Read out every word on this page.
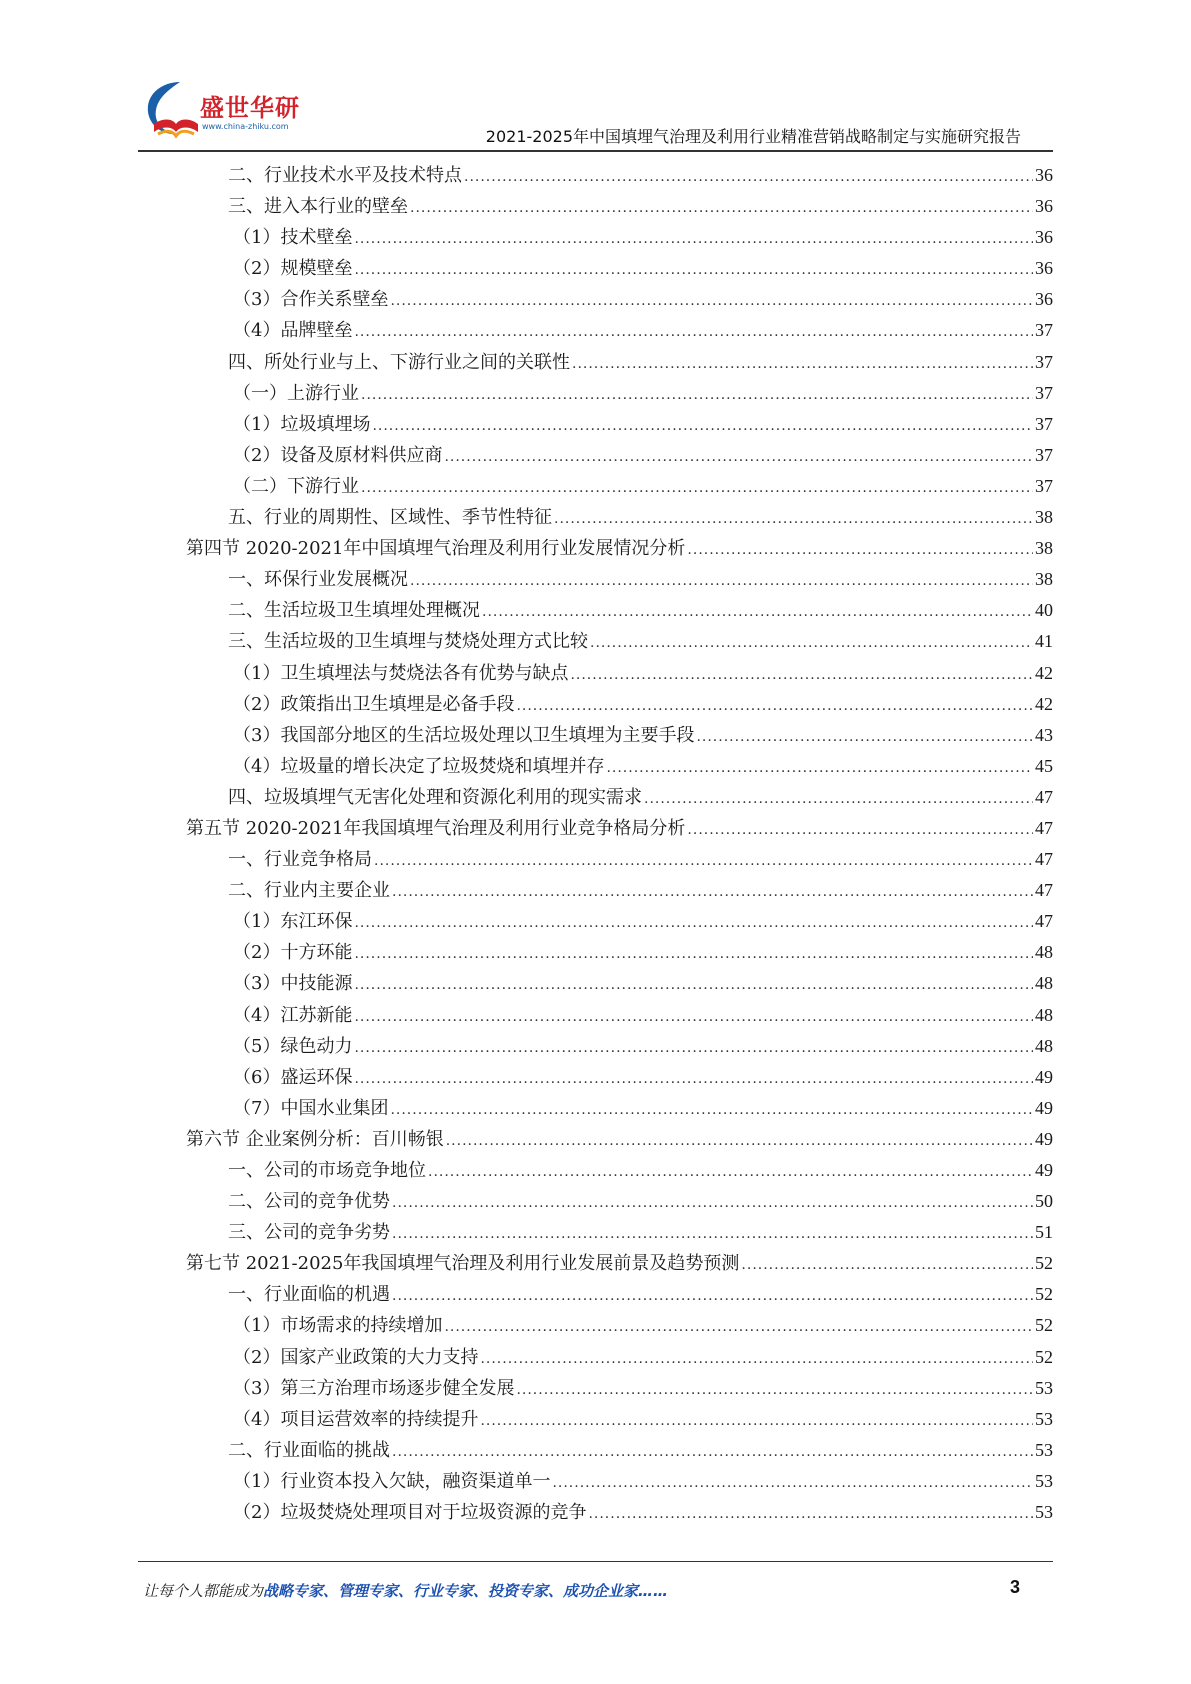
盛世华研
www.china-zhiku.com
2021-2025年中国填埋气治理及利用行业精准营销战略制定与实施研究报告
二、行业技术水平及技术特点 .....	36
三、进入本行业的壁垒 .....	36
（1）技术壁垒 .....	36
（2）规模壁垒 .....	36
（3）合作关系壁垒 .....	36
（4）品牌壁垒 .....	37
四、所处行业与上、下游行业之间的关联性 .....	37
（一）上游行业 .....	37
（1）垃圾填埋场 .....	37
（2）设备及原材料供应商 .....	37
（二）下游行业 .....	37
五、行业的周期性、区域性、季节性特征 .....	38
第四节 2020-2021年中国填埋气治理及利用行业发展情况分析 .....	38
一、环保行业发展概况 .....	38
二、生活垃圾卫生填埋处理概况 .....	40
三、生活垃圾的卫生填埋与焚烧处理方式比较 .....	41
（1）卫生填埋法与焚烧法各有优势与缺点 .....	42
（2）政策指出卫生填埋是必备手段 .....	42
（3）我国部分地区的生活垃圾处理以卫生填埋为主要手段 .....	43
（4）垃圾量的增长决定了垃圾焚烧和填埋并存 .....	45
四、垃圾填埋气无害化处理和资源化利用的现实需求 .....	47
第五节 2020-2021年我国填埋气治理及利用行业竞争格局分析 .....	47
一、行业竞争格局 .....	47
二、行业内主要企业 .....	47
（1）东江环保 .....	47
（2）十方环能 .....	48
（3）中技能源 .....	48
（4）江苏新能 .....	48
（5）绿色动力 .....	48
（6）盛运环保 .....	49
（7）中国水业集团 .....	49
第六节 企业案例分析：百川畅银 .....	49
一、公司的市场竞争地位 .....	49
二、公司的竞争优势 .....	50
三、公司的竞争劣势 .....	51
第七节 2021-2025年我国填埋气治理及利用行业发展前景及趋势预测 .....	52
一、行业面临的机遇 .....	52
（1）市场需求的持续增加 .....	52
（2）国家产业政策的大力支持 .....	52
（3）第三方治理市场逐步健全发展 .....	53
（4）项目运营效率的持续提升 .....	53
二、行业面临的挑战 .....	53
（1）行业资本投入欠缺，融资渠道单一 .....	53
（2）垃圾焚烧处理项目对于垃圾资源的竞争 .....	53
让每个人都能成为战略专家、管理专家、行业专家、投资专家、成功企业家……	3
